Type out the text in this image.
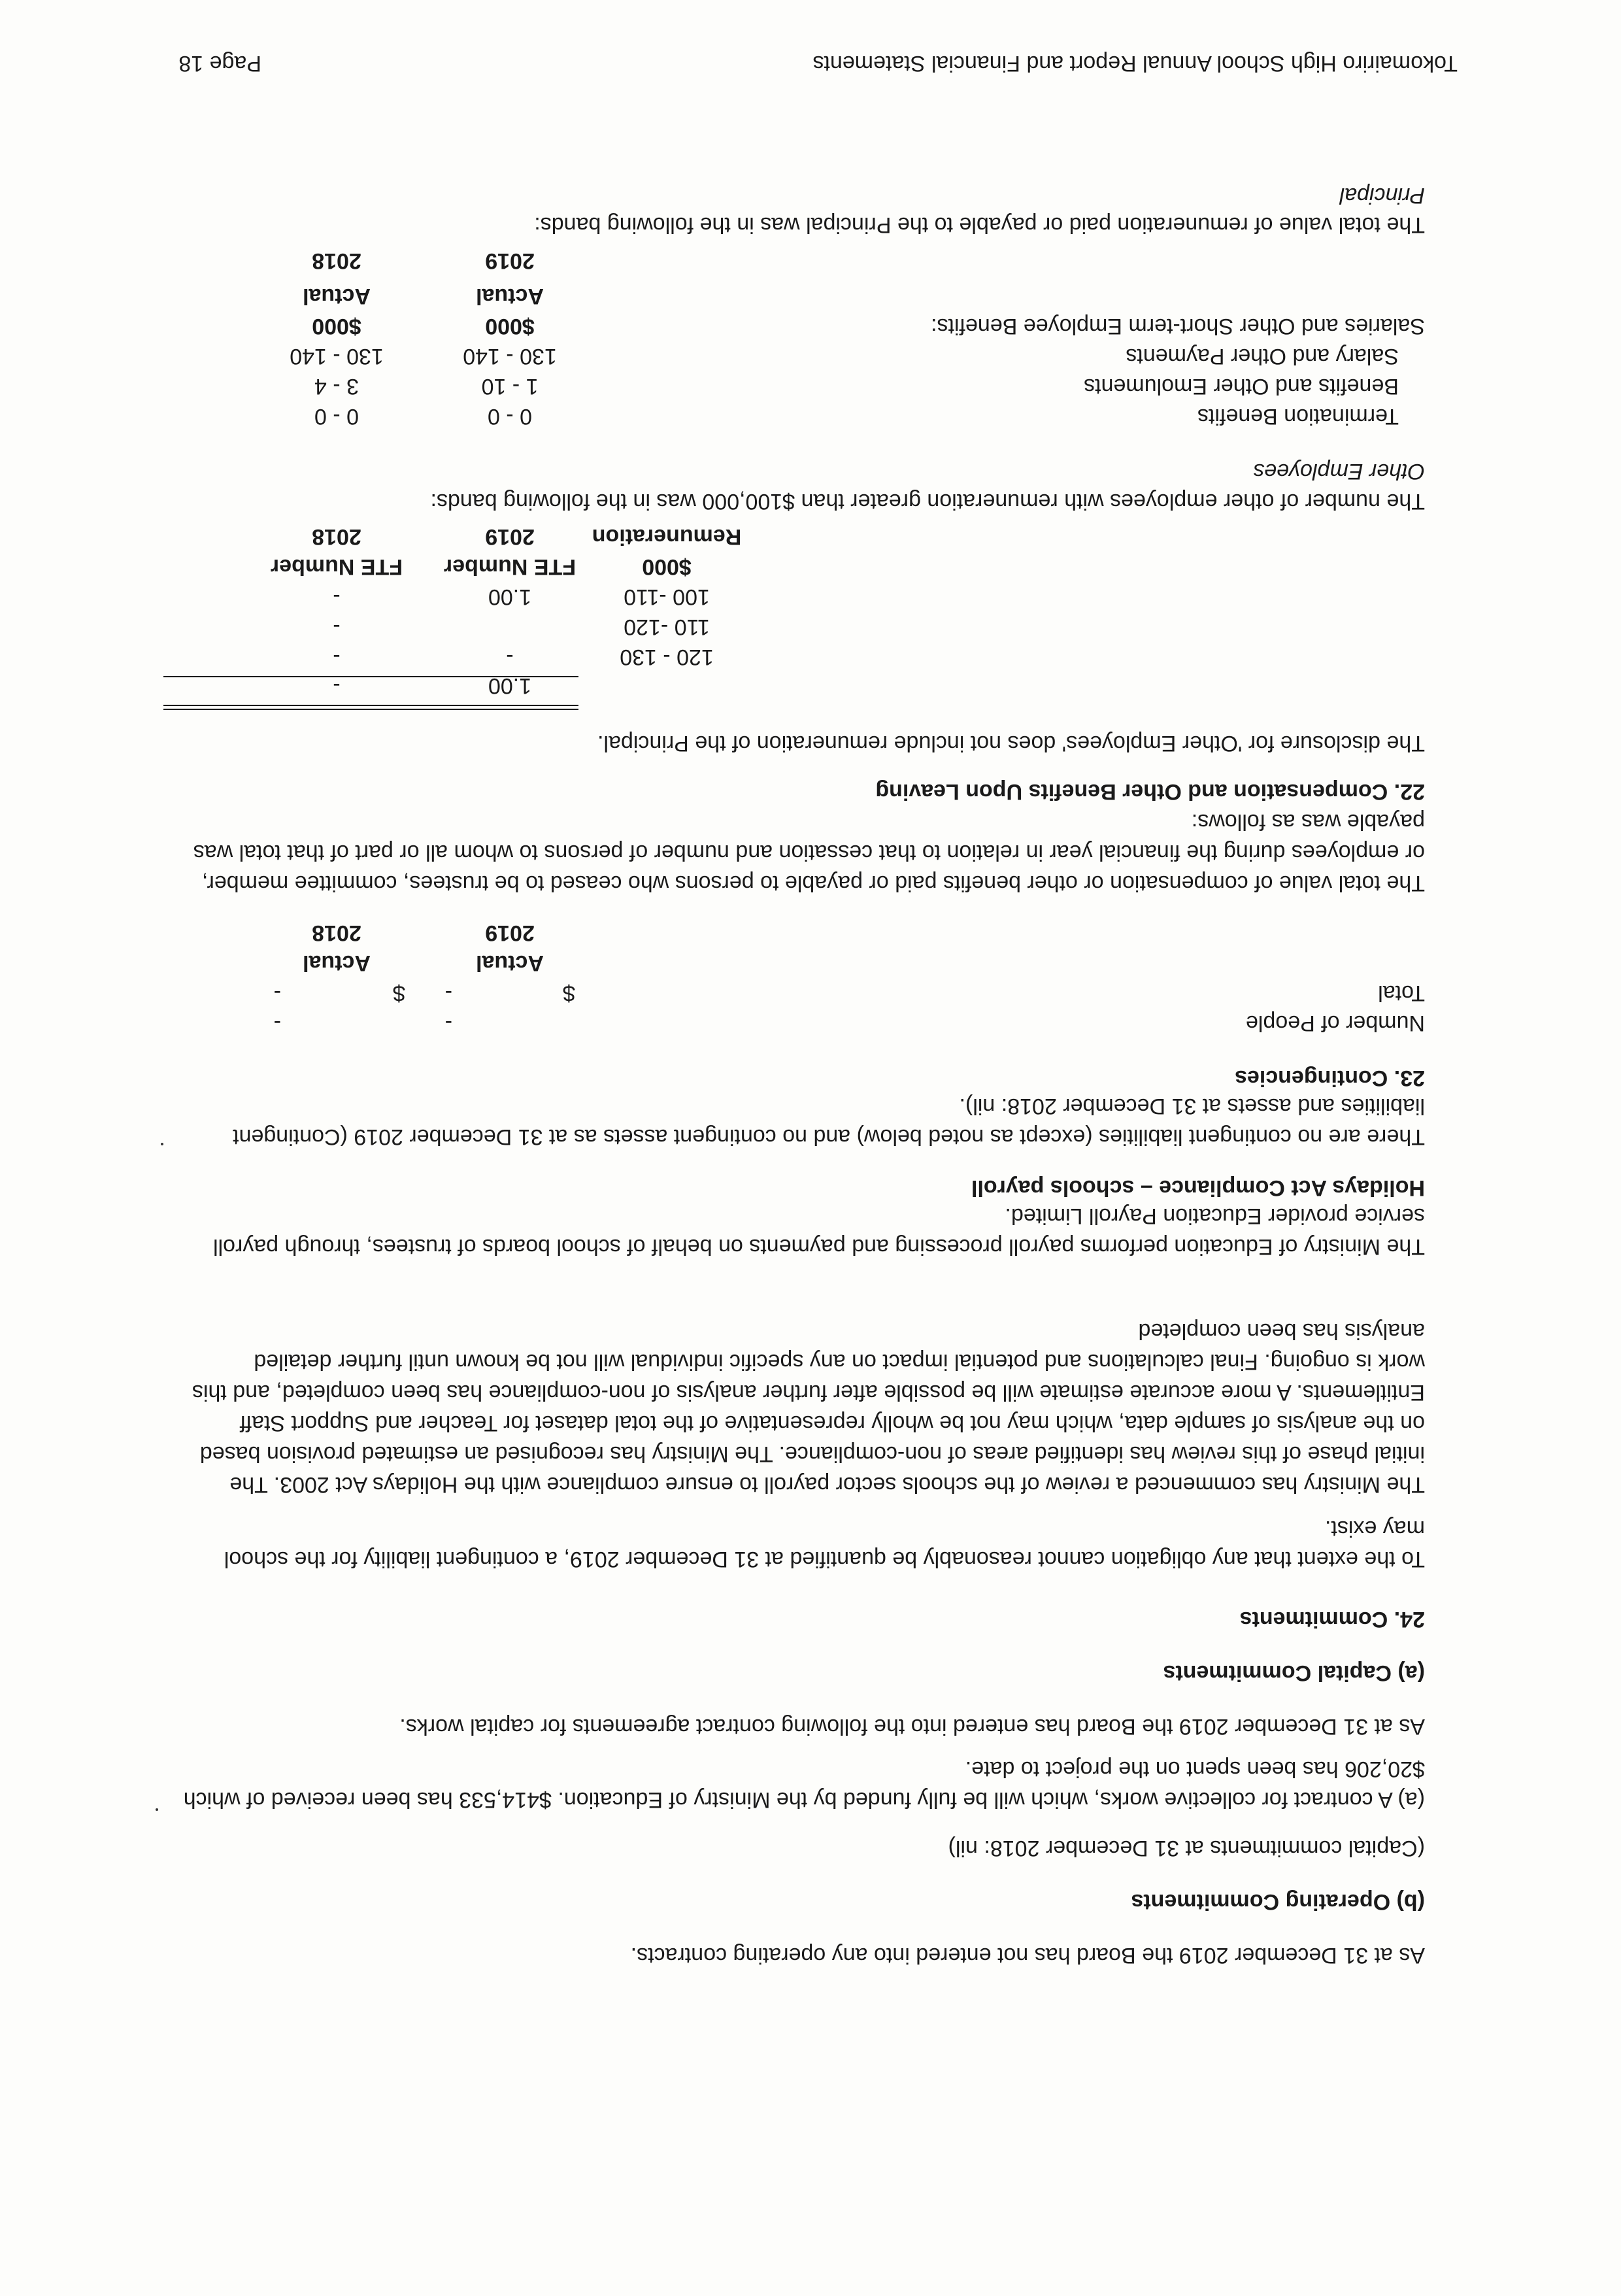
Tokomairiro High School Annual Report and Financial Statements
Page 18
Principal
The total value of remuneration paid or payable to the Principal was in the following bands:
2019
2018
Actual
Actual
Salaries and Other Short-term Employee Benefits:
$000
$000
Salary and Other Payments
130 - 140
130 - 140
Benefits and Other Emoluments
1 - 10
3 - 4
Termination Benefits
0 - 0
0 - 0
Other Employees
The number of other employees with remuneration greater than $100,000 was in the following bands:
Remuneration
2019
2018
$000
FTE Number
FTE Number
100 -110
1.00
-
110 -120
-
120 - 130
-
-
1.00
-
The disclosure for 'Other Employees' does not include remuneration of the Principal.
22. Compensation and Other Benefits Upon Leaving
The total value of compensation or other benefits paid or payable to persons who ceased to be trustees, committee member, or employees during the financial year in relation to that cessation and number of persons to whom all or part of that total was payable was as follows:
2019
2018
Actual
Actual
Total
$
-
$
-
Number of People
-
-
23. Contingencies
There are no contingent liabilities (except as noted below) and no contingent assets as at 31 December 2019 (Contingent liabilities and assets at 31 December 2018: nil).
Holidays Act Compliance – schools payroll
The Ministry of Education performs payroll processing and payments on behalf of school boards of trustees, through payroll service provider Education Payroll Limited.
The Ministry has commenced a review of the schools sector payroll to ensure compliance with the Holidays Act 2003. The initial phase of this review has identified areas of non-compliance. The Ministry has recognised an estimated provision based on the analysis of sample data, which may not be wholly representative of the total dataset for Teacher and Support Staff Entitlements. A more accurate estimate will be possible after further analysis of non-compliance has been completed, and this work is ongoing. Final calculations and potential impact on any specific individual will not be known until further detailed analysis has been completed
To the extent that any obligation cannot reasonably be quantified at 31 December 2019, a contingent liability for the school may exist.
24. Commitments
(a) Capital Commitments
As at 31 December 2019 the Board has entered into the following contract agreements for capital works.
(a) A contract for collective works, which will be fully funded by the Ministry of Education. $414,533 has been received of which $20,206 has been spent on the project to date.
(Capital commitments at 31 December 2018: nil)
(b) Operating Commitments
As at 31 December 2019 the Board has not entered into any operating contracts.
